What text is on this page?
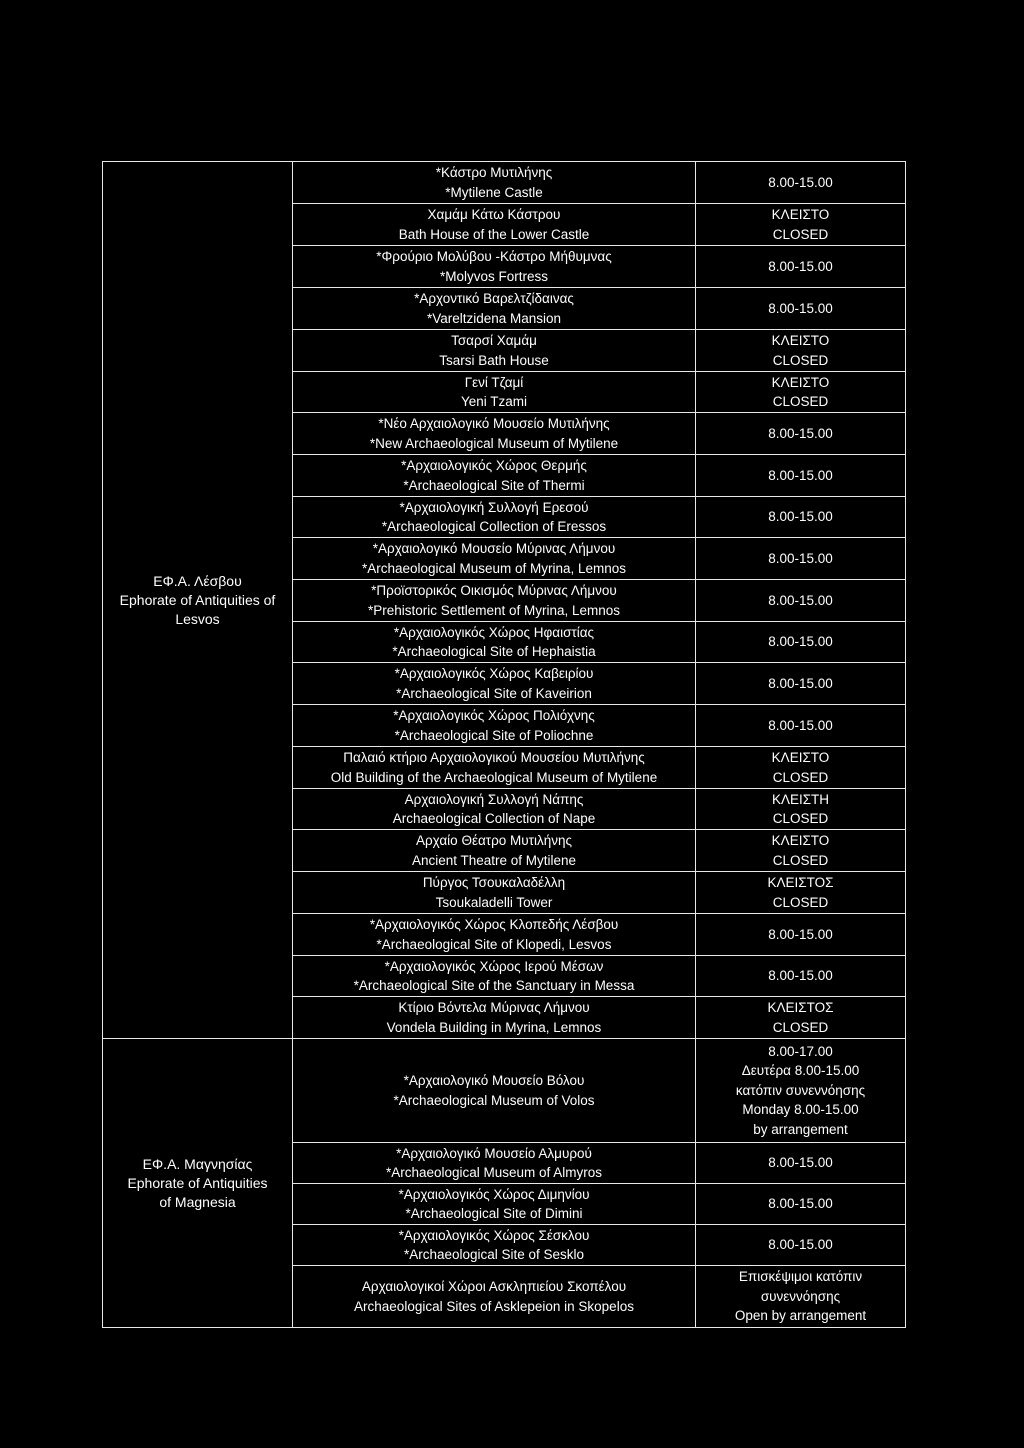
ΕΦ.Α. Λέσβου
Ephorate of Antiquities of
Lesvos	*Κάστρο Μυτιλήνης
*Mytilene Castle	8.00-15.00

	Χαμάμ Κάτω Κάστρου
Bath House of the Lower Castle	ΚΛΕΙΣΤΟ
CLOSED

	*Φρούριο Μολύβου -Κάστρο Μήθυμνας
*Molyvos Fortress	8.00-15.00

	*Αρχοντικό Βαρελτζίδαινας
*Vareltzidena Mansion	8.00-15.00

	Τσαρσί Χαμάμ
Tsarsi Bath House	ΚΛΕΙΣΤΟ
CLOSED

	Γενί Τζαμί
Yeni Tzami	ΚΛΕΙΣΤΟ
CLOSED

	*Νέο Αρχαιολογικό Μουσείο Μυτιλήνης
*New Archaeological Museum of Mytilene	8.00-15.00

	*Αρχαιολογικός Χώρος Θερμής
*Archaeological Site of Thermi	8.00-15.00

	*Αρχαιολογική Συλλογή Ερεσού
*Archaeological Collection of Eressos	8.00-15.00

	*Αρχαιολογικό Μουσείο Μύρινας Λήμνου
*Archaeological Museum of Myrina, Lemnos	8.00-15.00

	*Προϊστορικός Οικισμός Μύρινας Λήμνου
*Prehistoric Settlement of Myrina, Lemnos	8.00-15.00

	*Αρχαιολογικός Χώρος Ηφαιστίας
*Archaeological Site of Hephaistia	8.00-15.00

	*Αρχαιολογικός Χώρος Καβειρίου
*Archaeological Site of Kaveirion	8.00-15.00

	*Αρχαιολογικός Χώρος Πολιόχνης
*Archaeological Site of Poliochne	8.00-15.00

	Παλαιό κτήριο Αρχαιολογικού Μουσείου Μυτιλήνης
Old Building of the Archaeological Museum of Mytilene	ΚΛΕΙΣΤΟ
CLOSED

	Αρχαιολογική Συλλογή Νάπης
Archaeological Collection of Nape	ΚΛΕΙΣΤΗ
CLOSED

	Αρχαίο Θέατρο Μυτιλήνης
Ancient Theatre of Mytilene	ΚΛΕΙΣΤΟ
CLOSED

	Πύργος Τσουκαλαδέλλη
Tsoukaladelli Tower	ΚΛΕΙΣΤΟΣ
CLOSED

	*Αρχαιολογικός Χώρος Κλοπεδής Λέσβου
*Archaeological Site of Klopedi, Lesvos	8.00-15.00

	*Αρχαιολογικός Χώρος Ιερού Μέσων
*Archaeological Site of the Sanctuary in Messa	8.00-15.00

	Κτίριο Βόντελα Μύρινας Λήμνου
Vondela Building in Myrina, Lemnos	ΚΛΕΙΣΤΟΣ
CLOSED

ΕΦ.Α. Μαγνησίας
Ephorate of Antiquities
of Magnesia	*Αρχαιολογικό Μουσείο Βόλου
*Archaeological Museum of Volos	8.00-17.00
Δευτέρα 8.00-15.00
κατόπιν συνεννόησης
Monday 8.00-15.00
by arrangement

	*Αρχαιολογικό Μουσείο Αλμυρού
*Archaeological Museum of Almyros	8.00-15.00

	*Αρχαιολογικός Χώρος Διμηνίου
*Archaeological Site of Dimini	8.00-15.00

	*Αρχαιολογικός Χώρος Σέσκλου
*Archaeological Site of Sesklo	8.00-15.00

	Αρχαιολογικοί Χώροι Ασκληπιείου Σκοπέλου
Archaeological Sites of Asklepeion in Skopelos	Επισκέψιμοι κατόπιν
συνεννόησης
Open by arrangement
